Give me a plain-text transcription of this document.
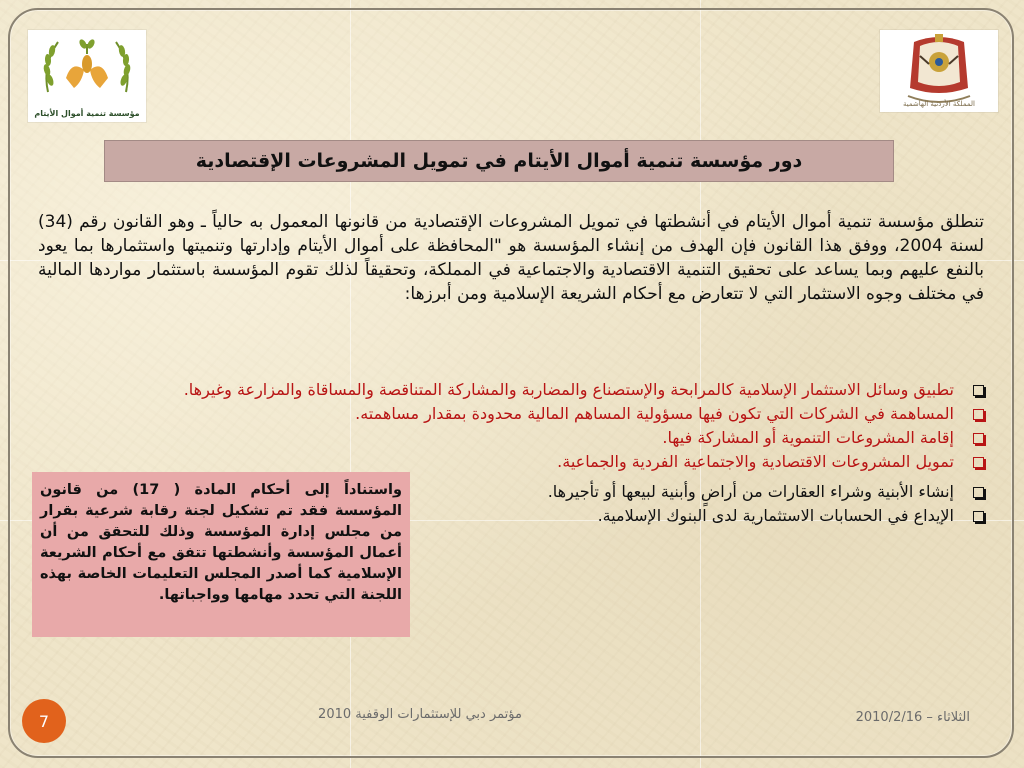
مؤسسة تنمية أموال الأيتام
المملكة الأردنية الهاشمية
دور مؤسسة تنمية أموال الأيتام في تمويل المشروعات الإقتصادية
تنطلق مؤسسة تنمية أموال الأيتام في أنشطتها في تمويل المشروعات الإقتصادية من قانونها المعمول به حالياً ـ وهو القانون رقم (34) لسنة 2004، ووفق هذا القانون فإن الهدف من إنشاء المؤسسة هو "المحافظة على أموال الأيتام وإدارتها وتنميتها واستثمارها بما يعود بالنفع عليهم وبما يساعد على تحقيق التنمية الاقتصادية والاجتماعية في المملكة، وتحقيقاً لذلك تقوم المؤسسة باستثمار مواردها المالية في مختلف وجوه الاستثمار التي لا تتعارض مع أحكام الشريعة الإسلامية ومن أبرزها:
تطبيق وسائل الاستثمار الإسلامية كالمرابحة والإستصناع والمضاربة والمشاركة المتناقصة والمساقاة والمزارعة وغيرها.
المساهمة في الشركات التي تكون فيها مسؤولية المساهم المالية محدودة بمقدار مساهمته.
إقامة المشروعات التنموية أو المشاركة فيها.
تمويل المشروعات الاقتصادية والاجتماعية الفردية والجماعية.
إنشاء الأبنية وشراء العقارات من أراضٍ وأبنية لبيعها أو تأجيرها.
الإيداع في الحسابات الاستثمارية لدى البنوك الإسلامية.
واستناداً إلى أحكام المادة ( 17) من قانون المؤسسة فقد تم تشكيل لجنة رقابة شرعية بقرار من مجلس إدارة المؤسسة وذلك للتحقق من أن أعمال المؤسسة وأنشطتها تتفق مع أحكام الشريعة الإسلامية كما أصدر المجلس التعليمات الخاصة بهذه اللجنة التي تحدد مهامها وواجباتها.
7	مؤتمر دبي للإستثمارات الوقفية 2010	الثلاثاء – 2010/2/16
